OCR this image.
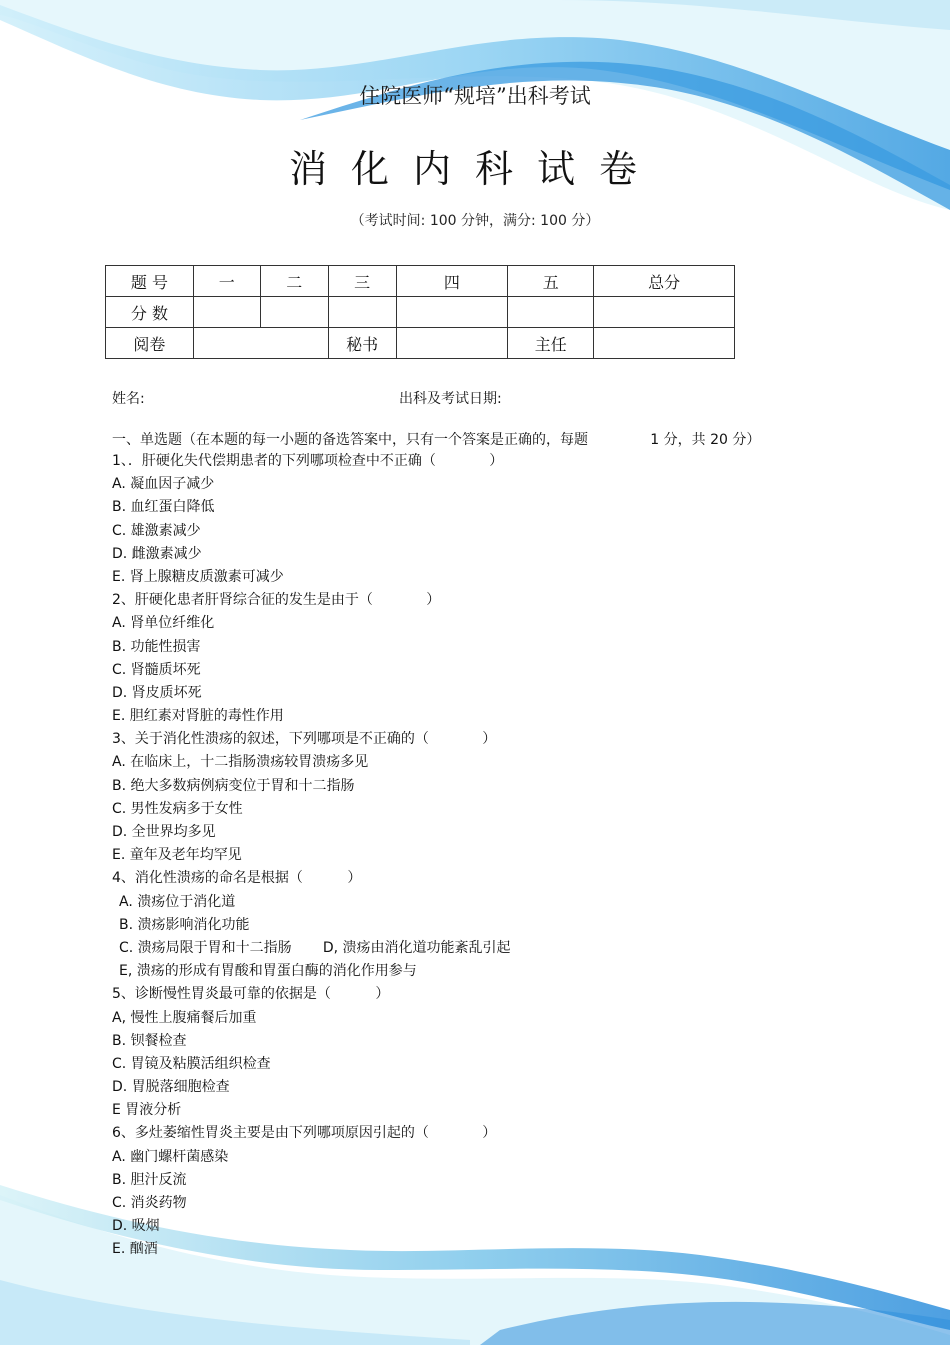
住院医师“规培”出科考试
消化内科试卷
（考试时间: 100 分钟，满分: 100 分）
题 号	一	二	三	四	五	总分
分 数						
阅卷			秘书		主任	
姓名:	出科及考试日期:
一、单选题（在本题的每一小题的备选答案中，只有一个答案是正确的，每题              1 分，共 20 分）
1、．肝硬化失代偿期患者的下列哪项检查中不正确（            ）
A. 凝血因子减少
B. 血红蛋白降低
C. 雄激素减少
D. 雌激素减少
E. 肾上腺糖皮质激素可减少
2、肝硬化患者肝肾综合征的发生是由于（            ）
A. 肾单位纤维化
B. 功能性损害
C. 肾髓质坏死
D. 肾皮质坏死
E. 胆红素对肾脏的毒性作用
3、关于消化性溃疡的叙述，下列哪项是不正确的（            ）
A. 在临床上，十二指肠溃疡较胃溃疡多见
B. 绝大多数病例病变位于胃和十二指肠
C. 男性发病多于女性
D. 全世界均多见
E. 童年及老年均罕见
4、消化性溃疡的命名是根据（          ）
A. 溃疡位于消化道
B. 溃疡影响消化功能
C. 溃疡局限于胃和十二指肠       D, 溃疡由消化道功能紊乱引起
E, 溃疡的形成有胃酸和胃蛋白酶的消化作用参与
5、诊断慢性胃炎最可靠的依据是（          ）
A, 慢性上腹痛餐后加重
B. 钡餐检查
C. 胃镜及粘膜活组织检查
D. 胃脱落细胞检查
E 胃液分析
6、多灶萎缩性胃炎主要是由下列哪项原因引起的（            ）
A. 幽门螺杆菌感染
B. 胆汁反流
C. 消炎药物
D. 吸烟
E. 酗酒
